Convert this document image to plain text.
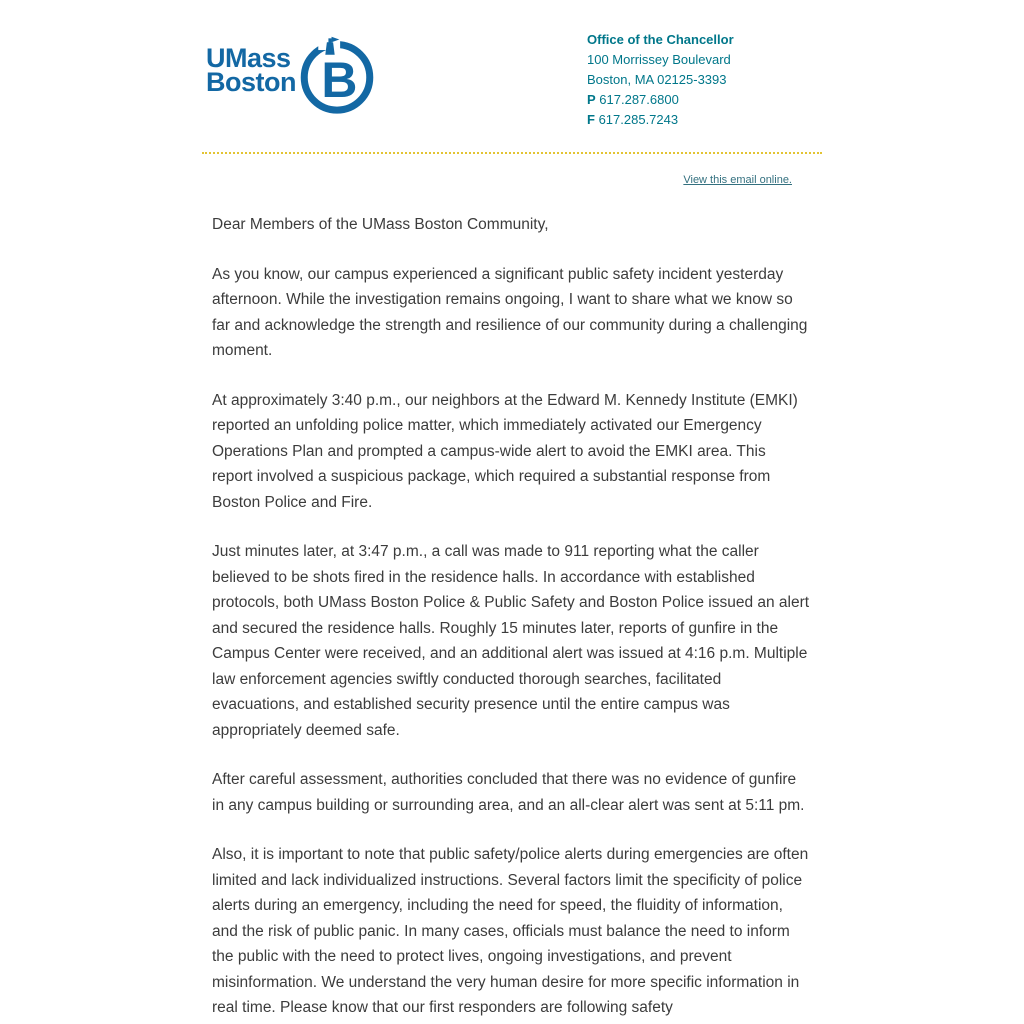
UMass
Boston B
Office of the Chancellor
100 Morrissey Boulevard
Boston, MA 02125-3393
P 617.287.6800
F 617.285.7243
View this email online.

Dear Members of the UMass Boston Community,

As you know, our campus experienced a significant public safety incident yesterday afternoon. While the investigation remains ongoing, I want to share what we know so far and acknowledge the strength and resilience of our community during a challenging moment.

At approximately 3:40 p.m., our neighbors at the Edward M. Kennedy Institute (EMKI) reported an unfolding police matter, which immediately activated our Emergency Operations Plan and prompted a campus-wide alert to avoid the EMKI area. This report involved a suspicious package, which required a substantial response from Boston Police and Fire.

Just minutes later, at 3:47 p.m., a call was made to 911 reporting what the caller believed to be shots fired in the residence halls. In accordance with established protocols, both UMass Boston Police & Public Safety and Boston Police issued an alert and secured the residence halls. Roughly 15 minutes later, reports of gunfire in the Campus Center were received, and an additional alert was issued at 4:16 p.m. Multiple law enforcement agencies swiftly conducted thorough searches, facilitated evacuations, and established security presence until the entire campus was appropriately deemed safe.

After careful assessment, authorities concluded that there was no evidence of gunfire in any campus building or surrounding area, and an all-clear alert was sent at 5:11 pm.

Also, it is important to note that public safety/police alerts during emergencies are often limited and lack individualized instructions. Several factors limit the specificity of police alerts during an emergency, including the need for speed, the fluidity of information, and the risk of public panic. In many cases, officials must balance the need to inform the public with the need to protect lives, ongoing investigations, and prevent misinformation. We understand the very human desire for more specific information in real time. Please know that our first responders are following safety
